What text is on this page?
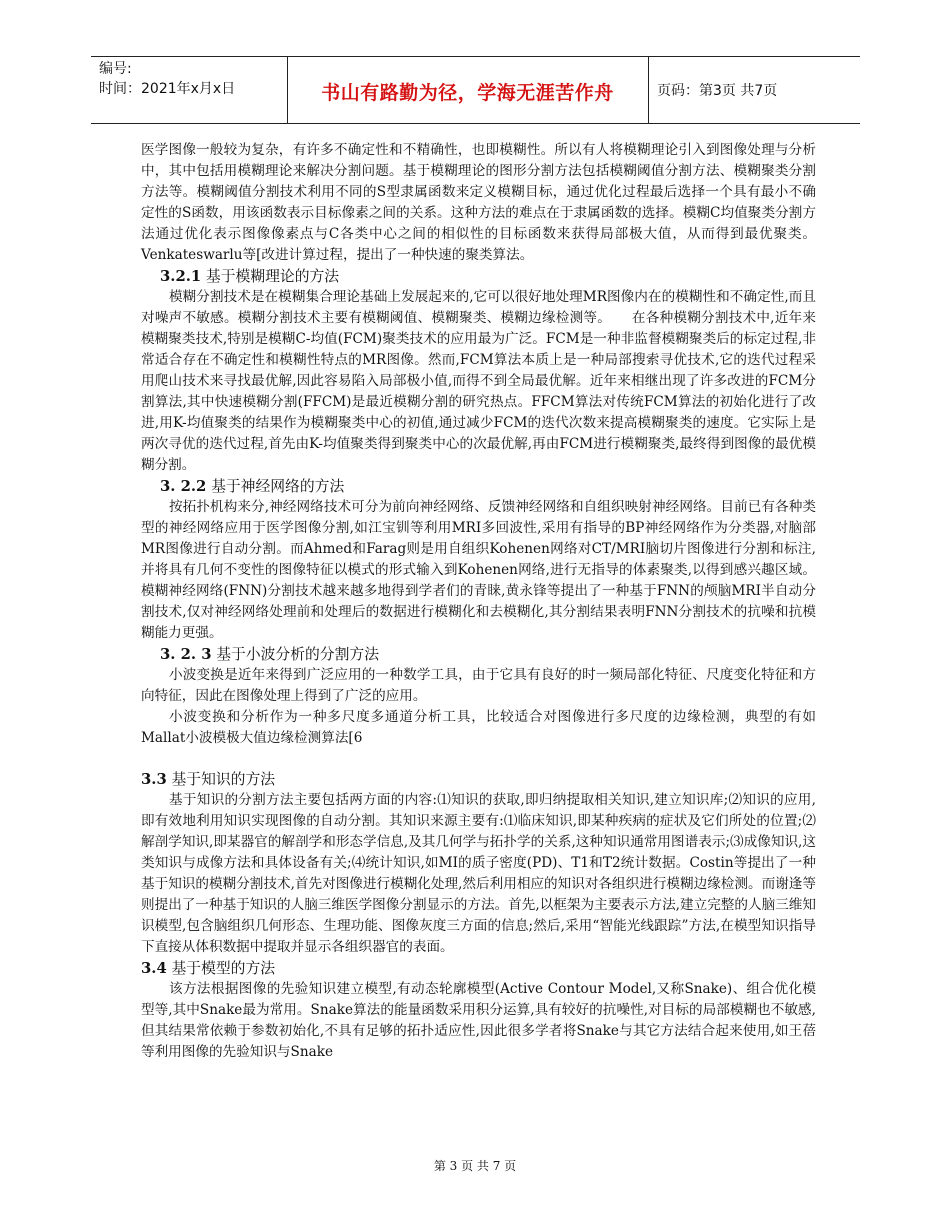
编号:
时间：2021年x月x日	书山有路勤为径，学海无涯苦作舟	页码：第3页 共7页

医学图像一般较为复杂，有许多不确定性和不精确性，也即模糊性。所以有人将模糊理论引入到图像处理与分析中，其中包括用模糊理论来解决分割问题。基于模糊理论的图形分割方法包括模糊阈值分割方法、模糊聚类分割方法等。模糊阈值分割技术利用不同的S型隶属函数来定义模糊目标，通过优化过程最后选择一个具有最小不确定性的S函数，用该函数表示目标像素之间的关系。这种方法的难点在于隶属函数的选择。模糊C均值聚类分割方法通过优化表示图像像素点与C各类中心之间的相似性的目标函数来获得局部极大值，从而得到最优聚类。Venkateswarlu等[改进计算过程，提出了一种快速的聚类算法。

3.2.1 基于模糊理论的方法

模糊分割技术是在模糊集合理论基础上发展起来的,它可以很好地处理MR图像内在的模糊性和不确定性,而且对噪声不敏感。模糊分割技术主要有模糊阈值、模糊聚类、模糊边缘检测等。　　在各种模糊分割技术中,近年来模糊聚类技术,特别是模糊C-均值(FCM)聚类技术的应用最为广泛。FCM是一种非监督模糊聚类后的标定过程,非常适合存在不确定性和模糊性特点的MR图像。然而,FCM算法本质上是一种局部搜索寻优技术,它的迭代过程采用爬山技术来寻找最优解,因此容易陷入局部极小值,而得不到全局最优解。近年来相继出现了许多改进的FCM分割算法,其中快速模糊分割(FFCM)是最近模糊分割的研究热点。FFCM算法对传统FCM算法的初始化进行了改进,用K-均值聚类的结果作为模糊聚类中心的初值,通过减少FCM的迭代次数来提高模糊聚类的速度。它实际上是两次寻优的迭代过程,首先由K-均值聚类得到聚类中心的次最优解,再由FCM进行模糊聚类,最终得到图像的最优模糊分割。

3. 2.2 基于神经网络的方法

按拓扑机构来分,神经网络技术可分为前向神经网络、反馈神经网络和自组织映射神经网络。目前已有各种类型的神经网络应用于医学图像分割,如江宝钏等利用MRI多回波性,采用有指导的BP神经网络作为分类器,对脑部MR图像进行自动分割。而Ahmed和Farag则是用自组织Kohenen网络对CT/MRI脑切片图像进行分割和标注,并将具有几何不变性的图像特征以模式的形式输入到Kohenen网络,进行无指导的体素聚类,以得到感兴趣区域。模糊神经网络(FNN)分割技术越来越多地得到学者们的青睐,黄永锋等提出了一种基于FNN的颅脑MRI半自动分割技术,仅对神经网络处理前和处理后的数据进行模糊化和去模糊化,其分割结果表明FNN分割技术的抗噪和抗模糊能力更强。

3. 2. 3 基于小波分析的分割方法

小波变换是近年来得到广泛应用的一种数学工具，由于它具有良好的时一频局部化特征、尺度变化特征和方向特征，因此在图像处理上得到了广泛的应用。

小波变换和分析作为一种多尺度多通道分析工具，比较适合对图像进行多尺度的边缘检测，典型的有如Mallat小波模极大值边缘检测算法[6

3.3 基于知识的方法

基于知识的分割方法主要包括两方面的内容:⑴知识的获取,即归纳提取相关知识,建立知识库;⑵知识的应用,即有效地利用知识实现图像的自动分割。其知识来源主要有:⑴临床知识,即某种疾病的症状及它们所处的位置;⑵解剖学知识,即某器官的解剖学和形态学信息,及其几何学与拓扑学的关系,这种知识通常用图谱表示;⑶成像知识,这类知识与成像方法和具体设备有关;⑷统计知识,如MI的质子密度(PD)、T1和T2统计数据。Costin等提出了一种基于知识的模糊分割技术,首先对图像进行模糊化处理,然后利用相应的知识对各组织进行模糊边缘检测。而谢逢等则提出了一种基于知识的人脑三维医学图像分割显示的方法。首先,以框架为主要表示方法,建立完整的人脑三维知识模型,包含脑组织几何形态、生理功能、图像灰度三方面的信息;然后,采用“智能光线跟踪”方法,在模型知识指导下直接从体积数据中提取并显示各组织器官的表面。

3.4 基于模型的方法

该方法根据图像的先验知识建立模型,有动态轮廓模型(Active Contour Model,又称Snake)、组合优化模型等,其中Snake最为常用。Snake算法的能量函数采用积分运算,具有较好的抗噪性,对目标的局部模糊也不敏感,但其结果常依赖于参数初始化,不具有足够的拓扑适应性,因此很多学者将Snake与其它方法结合起来使用,如王蓓等利用图像的先验知识与Snake

第 3 页 共 7 页
